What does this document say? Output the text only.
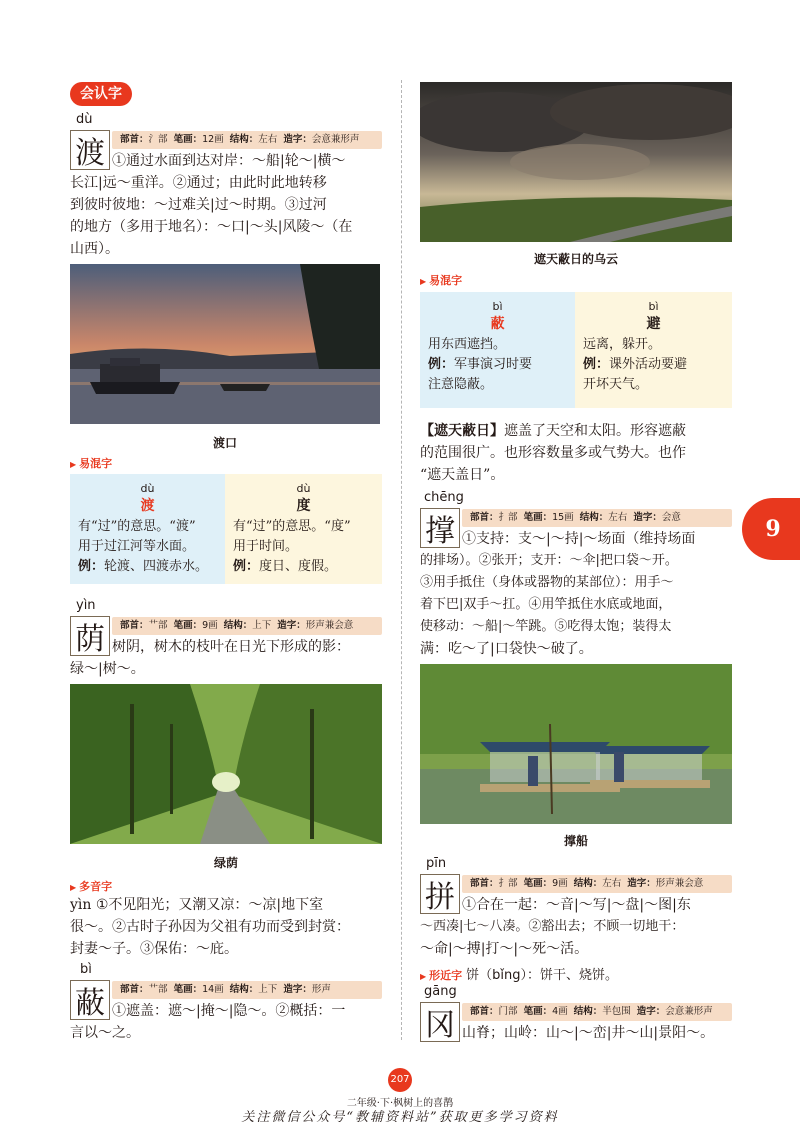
会认字
dù
渡	部首：氵部 笔画：12画 结构：左右 造字：会意兼形声
①通过水面到达对岸：～船|轮～|横～
长江|远～重洋。②通过；由此时此地转移
到彼时彼地：～过难关|过～时期。③过河
的地方（多用于地名）：～口|～头|风陵～（在
山西）。
渡口
▶ 易混字
dù
渡
有“过”的意思。“渡”
用于过江河等水面。
例：轮渡、四渡赤水。
dù
度
有“过”的意思。“度”
用于时间。
例：度日、度假。
yìn
荫	部首：艹部 笔画：9画 结构：上下 造字：形声兼会意
树阴，树木的枝叶在日光下形成的影：
绿～|树～。
绿荫
▶ 多音字
yìn ①不见阳光；又潮又凉：～凉|地下室
很～。②古时子孙因为父祖有功而受到封赏：
封妻～子。③保佑：～庇。
bì
蔽	部首：艹部 笔画：14画 结构：上下 造字：形声
①遮盖：遮～|掩～|隐～。②概括：一
言以～之。
遮天蔽日的乌云
▶ 易混字
bì
蔽
用东西遮挡。
例：军事演习时要
注意隐蔽。
bì
避
远离，躲开。
例：课外活动要避
开坏天气。
【遮天蔽日】遮盖了天空和太阳。形容遮蔽
的范围很广。也形容数量多或气势大。也作
“遮天盖日”。
chēng
撑	部首：扌部 笔画：15画 结构：左右 造字：会意
①支持：支～|～持|～场面（维持场面
的排场）。②张开；支开：～伞|把口袋～开。
③用手抵住（身体或器物的某部位）：用手～
着下巴|双手～扛。④用竿抵住水底或地面，
使移动：～船|～竿跳。⑤吃得太饱；装得太
满：吃～了|口袋快～破了。
撑船
pīn
拼	部首：扌部 笔画：9画 结构：左右 造字：形声兼会意
①合在一起：～音|～写|～盘|～图|东
～西凑|七～八凑。②豁出去；不顾一切地干：
～命|～搏|打～|～死～活。
▶ 形近字 饼（bǐng）：饼干、烧饼。
gāng
冈	部首：门部 笔画：4画 结构：半包围 造字：会意兼形声
山脊；山岭：山～|～峦|井～山|景阳～。
9
207
二年级·下·枫树上的喜鹊
关注微信公众号“教辅资料站”获取更多学习资料
